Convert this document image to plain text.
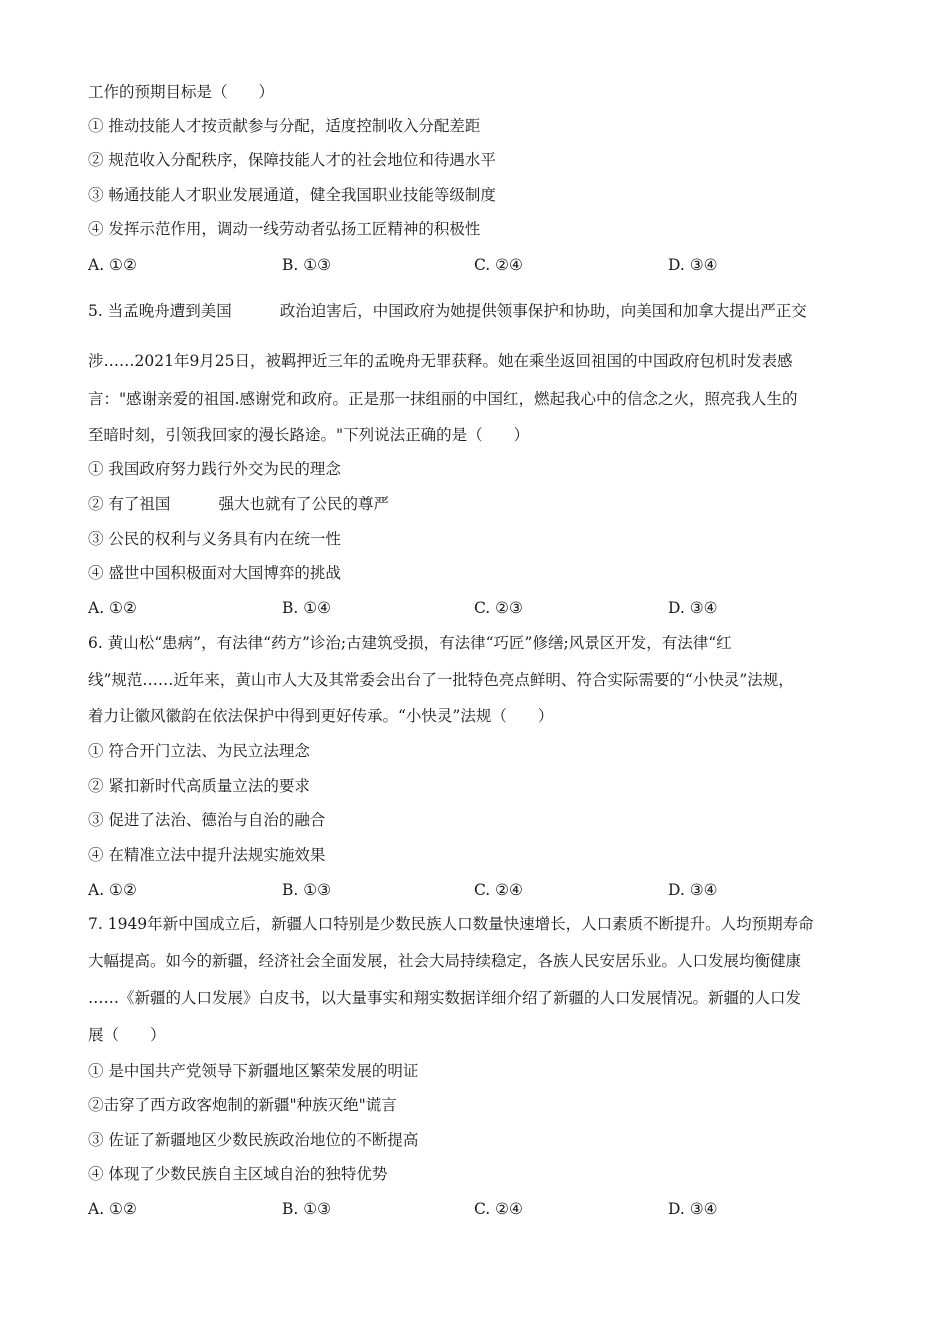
工作的预期目标是（　　）
① 推动技能人才按贡献参与分配，适度控制收入分配差距
② 规范收入分配秩序，保障技能人才的社会地位和待遇水平
③ 畅通技能人才职业发展通道，健全我国职业技能等级制度
④ 发挥示范作用，调动一线劳动者弘扬工匠精神的积极性
A. ①②	B. ①③	C. ②④	D. ③④
5. 当孟晚舟遭到美国	政治迫害后，中国政府为她提供领事保护和协助，向美国和加拿大提出严正交
涉……2021年9月25日，被羁押近三年的孟晚舟无罪获释。她在乘坐返回祖国的中国政府包机时发表感
言："感谢亲爱的祖国.感谢党和政府。正是那一抹组丽的中国红，燃起我心中的信念之火，照亮我人生的
至暗时刻，引领我回家的漫长路途。"下列说法正确的是（　　）
① 我国政府努力践行外交为民的理念
② 有了祖国	强大也就有了公民的尊严
③ 公民的权利与义务具有内在统一性
④ 盛世中国积极面对大国博弈的挑战
A. ①②	B. ①④	C. ②③	D. ③④
6. 黄山松“患病”，有法律“药方”诊治;古建筑受损，有法律“巧匠”修缮;风景区开发，有法律“红
线”规范……近年来，黄山市人大及其常委会出台了一批特色亮点鲜明、符合实际需要的“小快灵”法规，
着力让徽风徽韵在依法保护中得到更好传承。“小快灵”法规（　　）
① 符合开门立法、为民立法理念
② 紧扣新时代高质量立法的要求
③ 促进了法治、德治与自治的融合
④ 在精准立法中提升法规实施效果
A. ①②	B. ①③	C. ②④	D. ③④
7. 1949年新中国成立后，新疆人口特别是少数民族人口数量快速增长，人口素质不断提升。人均预期寿命
大幅提高。如今的新疆，经济社会全面发展，社会大局持续稳定，各族人民安居乐业。人口发展均衡健康
……《新疆的人口发展》白皮书，以大量事实和翔实数据详细介绍了新疆的人口发展情况。新疆的人口发
展（　　）
① 是中国共产党领导下新疆地区繁荣发展的明证
②击穿了西方政客炮制的新疆"种族灭绝"谎言
③ 佐证了新疆地区少数民族政治地位的不断提高
④ 体现了少数民族自主区域自治的独特优势
A. ①②	B. ①③	C. ②④	D. ③④
